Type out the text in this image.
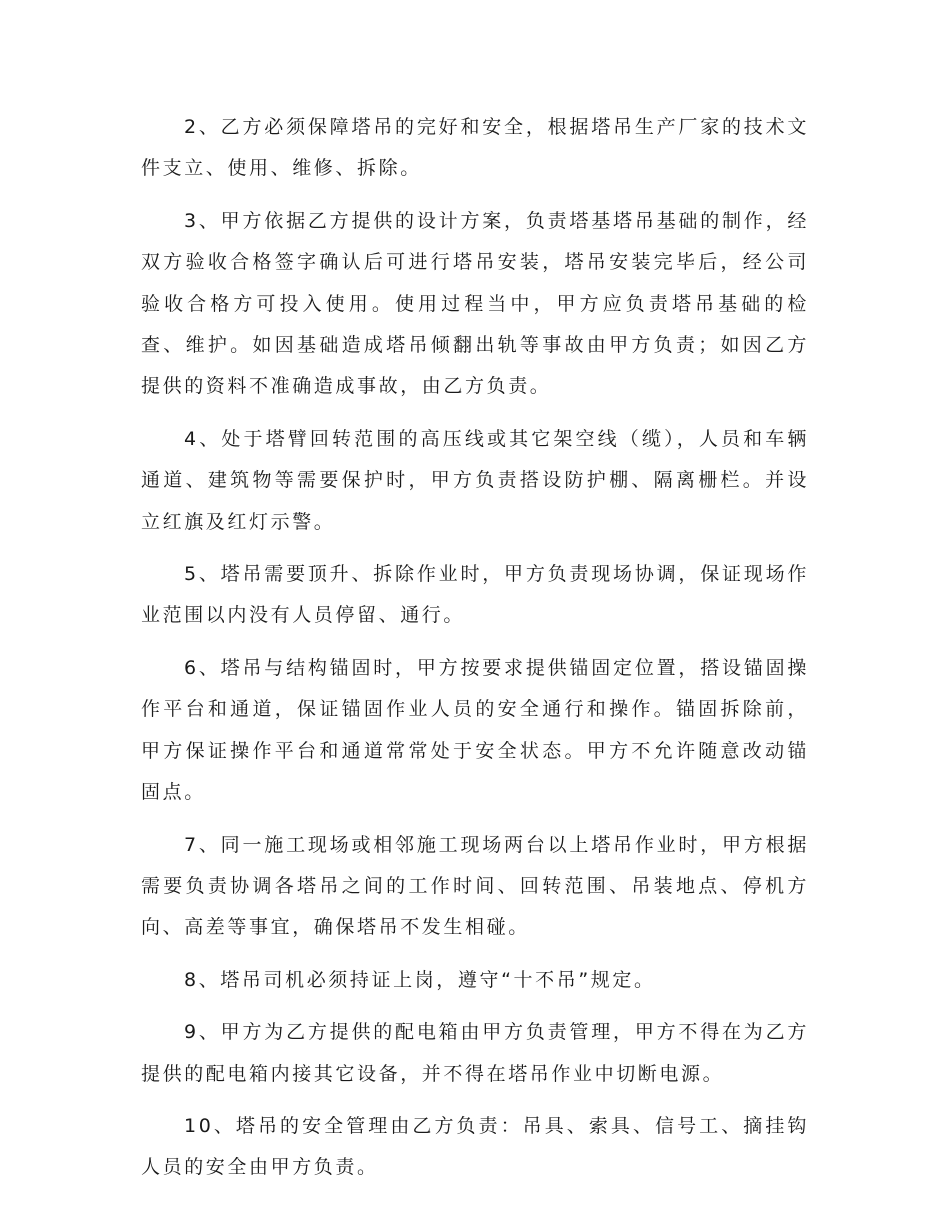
2、乙方必须保障塔吊的完好和安全，根据塔吊生产厂家的技术文件支立、使用、维修、拆除。

3、甲方依据乙方提供的设计方案，负责塔基塔吊基础的制作，经双方验收合格签字确认后可进行塔吊安装，塔吊安装完毕后，经公司验收合格方可投入使用。使用过程当中，甲方应负责塔吊基础的检查、维护。如因基础造成塔吊倾翻出轨等事故由甲方负责；如因乙方提供的资料不准确造成事故，由乙方负责。

4、处于塔臂回转范围的高压线或其它架空线（缆），人员和车辆通道、建筑物等需要保护时，甲方负责搭设防护棚、隔离栅栏。并设立红旗及红灯示警。

5、塔吊需要顶升、拆除作业时，甲方负责现场协调，保证现场作业范围以内没有人员停留、通行。

6、塔吊与结构锚固时，甲方按要求提供锚固定位置，搭设锚固操作平台和通道，保证锚固作业人员的安全通行和操作。锚固拆除前，甲方保证操作平台和通道常常处于安全状态。甲方不允许随意改动锚固点。

7、同一施工现场或相邻施工现场两台以上塔吊作业时，甲方根据需要负责协调各塔吊之间的工作时间、回转范围、吊装地点、停机方向、高差等事宜，确保塔吊不发生相碰。

8、塔吊司机必须持证上岗，遵守“十不吊”规定。

9、甲方为乙方提供的配电箱由甲方负责管理，甲方不得在为乙方提供的配电箱内接其它设备，并不得在塔吊作业中切断电源。

10、塔吊的安全管理由乙方负责：吊具、索具、信号工、摘挂钩人员的安全由甲方负责。
